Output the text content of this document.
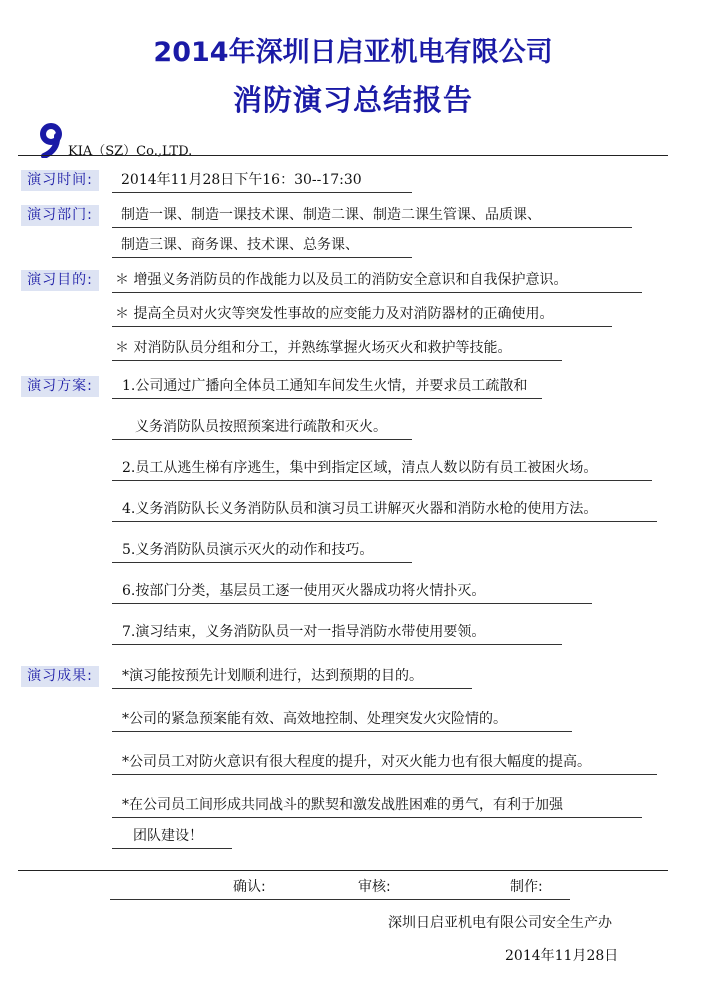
2014年深圳日启亚机电有限公司
消防演习总结报告
KIA（SZ）Co.,LTD.
演习时间:	2014年11月28日下午16：30--17:30
演习部门:	制造一课、制造一课技术课、制造二课、制造二课生管课、品质课、
制造三课、商务课、技术课、总务课、
演习目的:	＊ 增强义务消防员的作战能力以及员工的消防安全意识和自我保护意识。
＊ 提高全员对火灾等突发性事故的应变能力及对消防器材的正确使用。
＊ 对消防队员分组和分工，并熟练掌握火场灭火和救护等技能。
演习方案:	1.公司通过广播向全体员工通知车间发生火情，并要求员工疏散和
义务消防队员按照预案进行疏散和灭火。
2.员工从逃生梯有序逃生，集中到指定区域，清点人数以防有员工被困火场。
4.义务消防队长义务消防队员和演习员工讲解灭火器和消防水枪的使用方法。
5.义务消防队员演示灭火的动作和技巧。
6.按部门分类，基层员工逐一使用灭火器成功将火情扑灭。
7.演习结束，义务消防队员一对一指导消防水带使用要领。
演习成果:	*演习能按预先计划顺利进行，达到预期的目的。
*公司的紧急预案能有效、高效地控制、处理突发火灾险情的。
*公司员工对防火意识有很大程度的提升，对灭火能力也有很大幅度的提高。
*在公司员工间形成共同战斗的默契和激发战胜困难的勇气，有利于加强
团队建设！
确认:	审核:	制作:
深圳日启亚机电有限公司安全生产办
2014年11月28日
